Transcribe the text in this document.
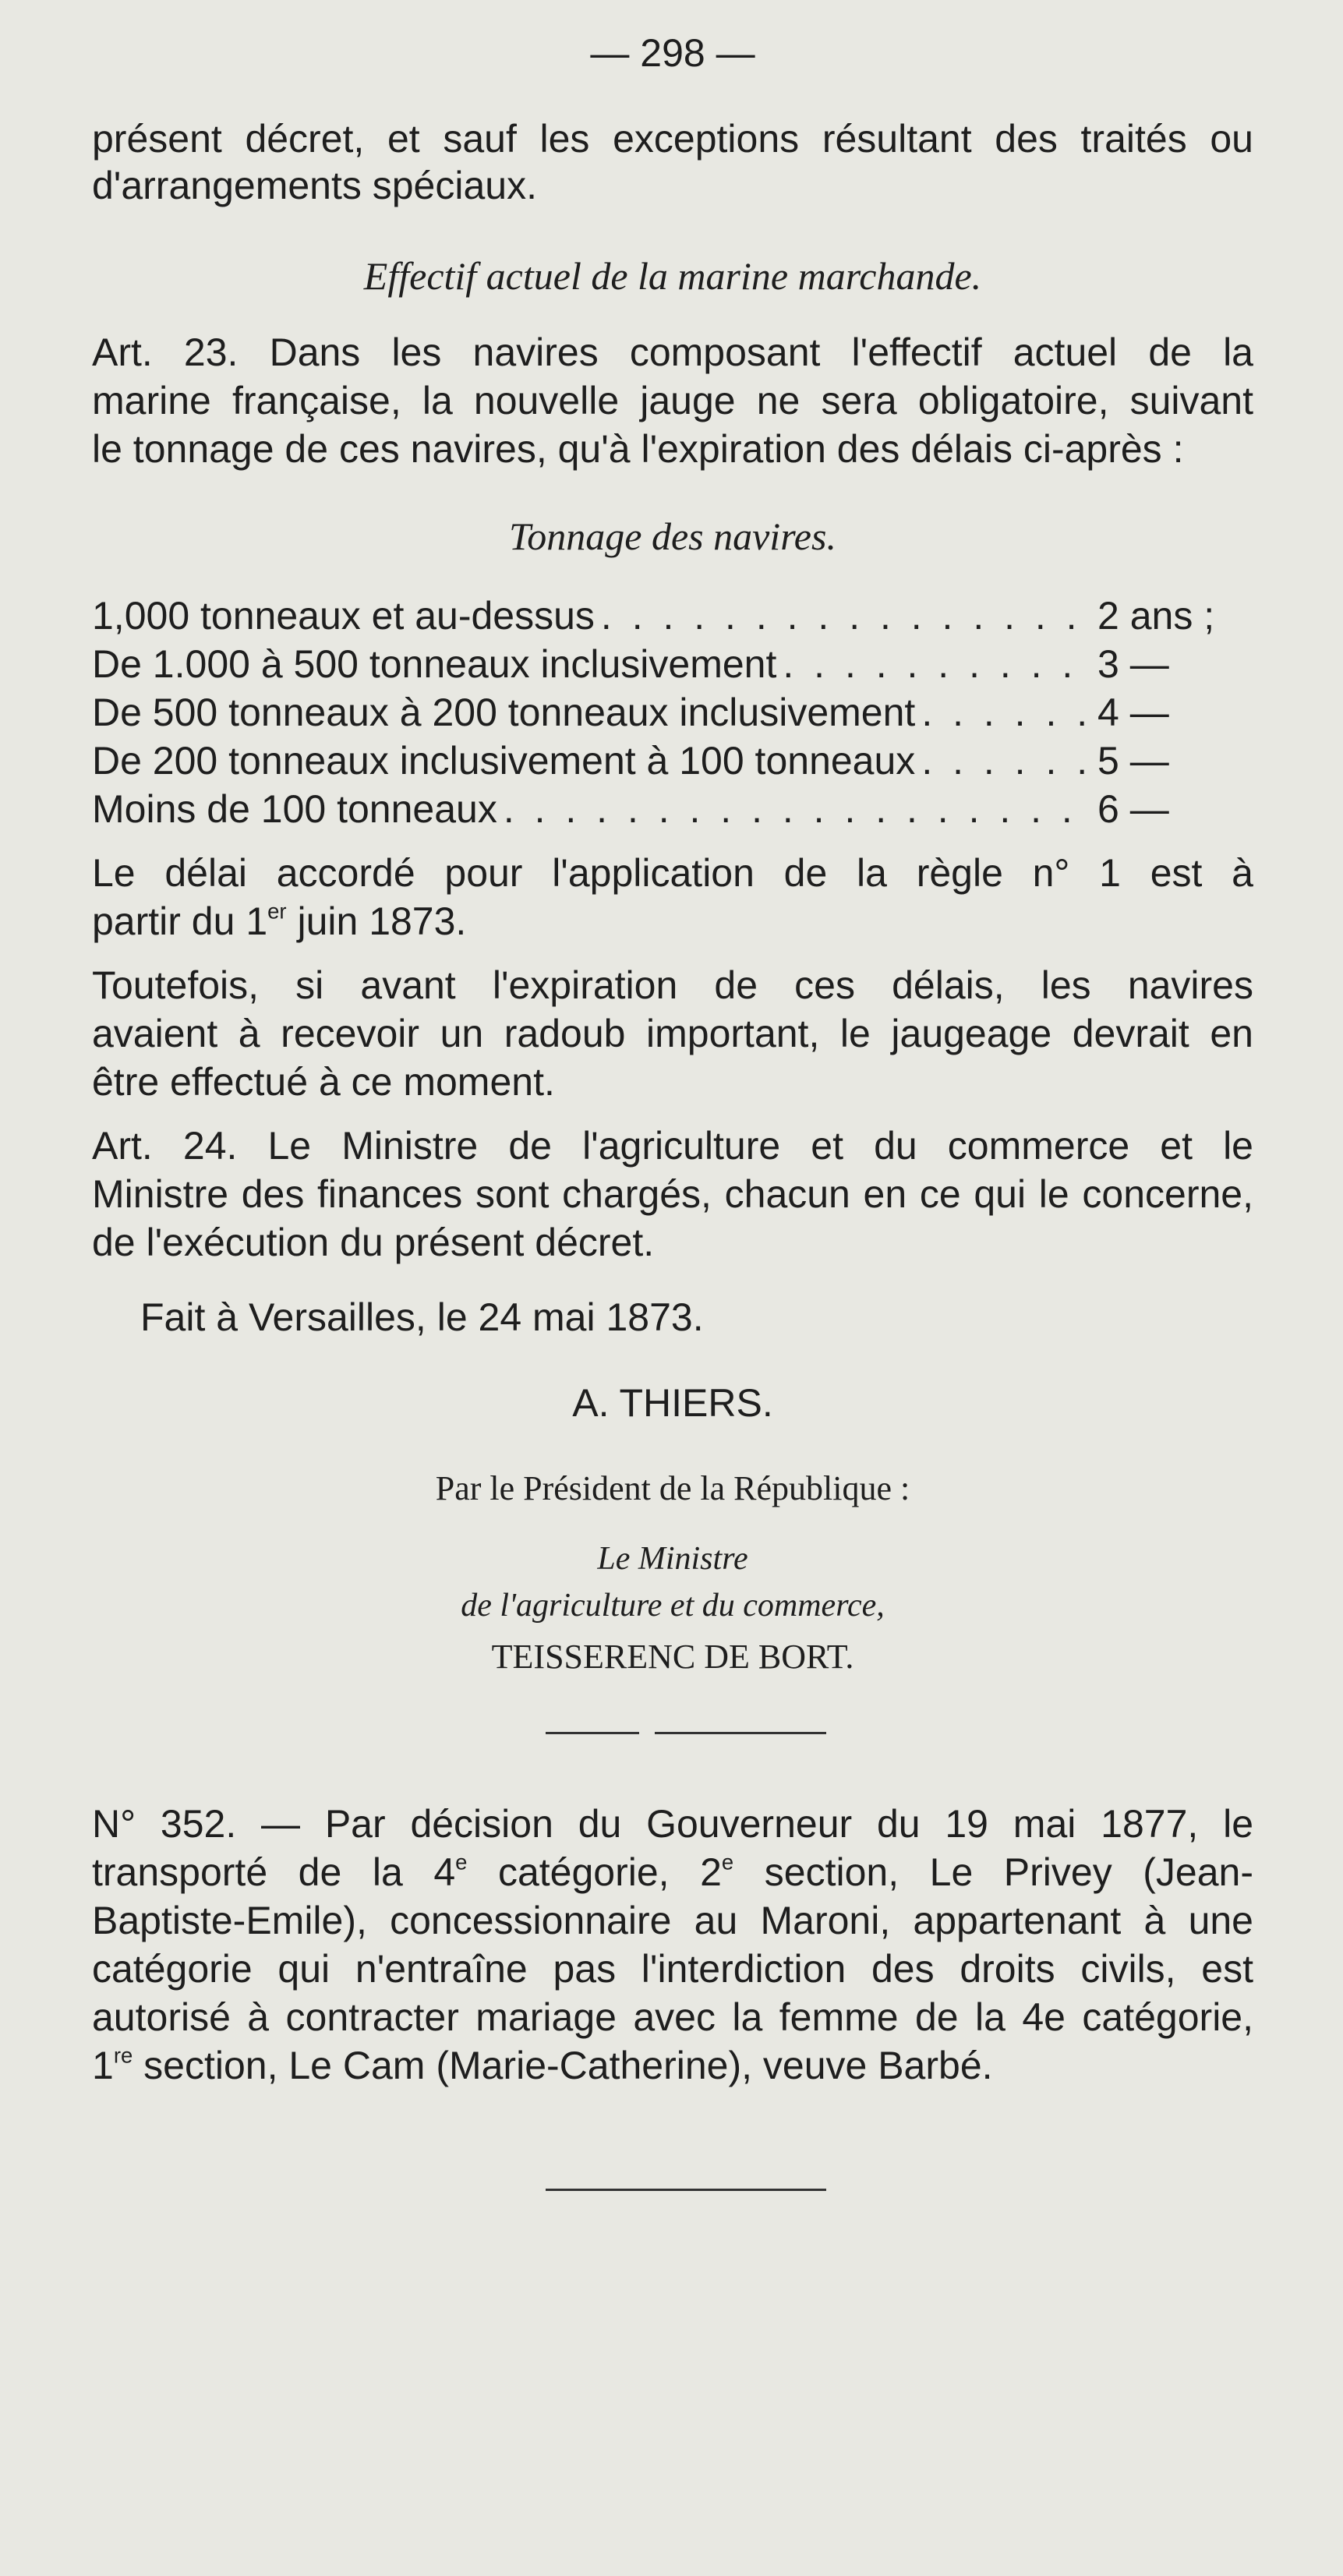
— 298 —
présent décret, et sauf les exceptions résultant des traités ou
d'arrangements spéciaux.
Effectif actuel de la marine marchande.
Art. 23. Dans les navires composant l'effectif actuel de la
marine française, la nouvelle jauge ne sera obligatoire, suivant
le tonnage de ces navires, qu'à l'expiration des délais ci-après :
Tonnage des navires.
1,000 tonneaux et au-dessus . . .	2 ans ;
De 1.000 à 500 tonneaux inclusivement . . .	3 —
De 500 tonneaux à 200 tonneaux inclusivement . . .	4 —
De 200 tonneaux inclusivement à 100 tonneaux . . .	5 —
Moins de 100 tonneaux . . .	6 —
Le délai accordé pour l'application de la règle n° 1 est à
partir du 1er juin 1873.
Toutefois, si avant l'expiration de ces délais, les navires
avaient à recevoir un radoub important, le jaugeage devrait en
être effectué à ce moment.
Art. 24. Le Ministre de l'agriculture et du commerce et le
Ministre des finances sont chargés, chacun en ce qui le concerne,
de l'exécution du présent décret.
Fait à Versailles, le 24 mai 1873.
A. THIERS.
Par le Président de la République :
Le Ministre
de l'agriculture et du commerce,
TEISSERENC DE BORT.
N° 352. — Par décision du Gouverneur du 19 mai 1877, le
transporté de la 4e catégorie, 2e section, Le Privey (Jean-
Baptiste-Emile), concessionnaire au Maroni, appartenant à une
catégorie qui n'entraîne pas l'interdiction des droits civils, est
autorisé à contracter mariage avec la femme de la 4e catégorie,
1re section, Le Cam (Marie-Catherine), veuve Barbé.
